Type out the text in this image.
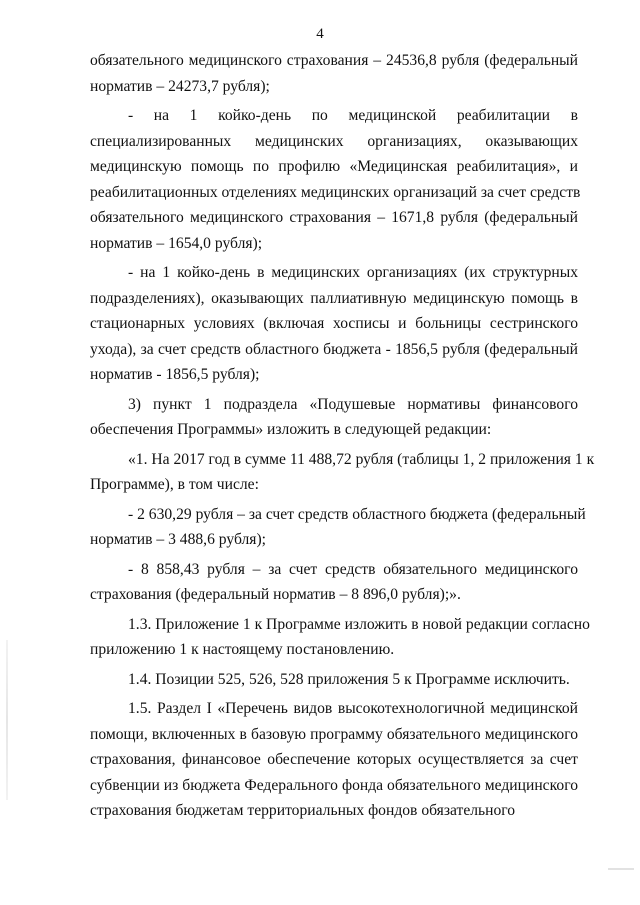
4
обязательного медицинского страхования – 24536,8 рубля (федеральный
норматив – 24273,7 рубля);
- на 1 койко-день по медицинской реабилитации в
специализированных медицинских организациях, оказывающих
медицинскую помощь по профилю «Медицинская реабилитация», и
реабилитационных отделениях медицинских организаций за счет средств
обязательного медицинского страхования – 1671,8 рубля (федеральный
норматив – 1654,0 рубля);
- на 1 койко-день в медицинских организациях (их структурных
подразделениях), оказывающих паллиативную медицинскую помощь в
стационарных условиях (включая хосписы и больницы сестринского
ухода), за счет средств областного бюджета - 1856,5 рубля (федеральный
норматив - 1856,5 рубля);
3) пункт 1 подраздела «Подушевые нормативы финансового
обеспечения Программы» изложить в следующей редакции:
«1. На 2017 год в сумме 11 488,72 рубля (таблицы 1, 2 приложения 1 к
Программе), в том числе:
- 2 630,29 рубля – за счет средств областного бюджета (федеральный
норматив – 3 488,6 рубля);
- 8 858,43 рубля – за счет средств обязательного медицинского
страхования (федеральный норматив – 8 896,0 рубля);».
1.3. Приложение 1 к Программе изложить в новой редакции согласно
приложению 1 к настоящему постановлению.
1.4. Позиции 525, 526, 528 приложения 5 к Программе исключить.
1.5. Раздел I «Перечень видов высокотехнологичной медицинской
помощи, включенных в базовую программу обязательного медицинского
страхования, финансовое обеспечение которых осуществляется за счет
субвенции из бюджета Федерального фонда обязательного медицинского
страхования бюджетам территориальных фондов обязательного
